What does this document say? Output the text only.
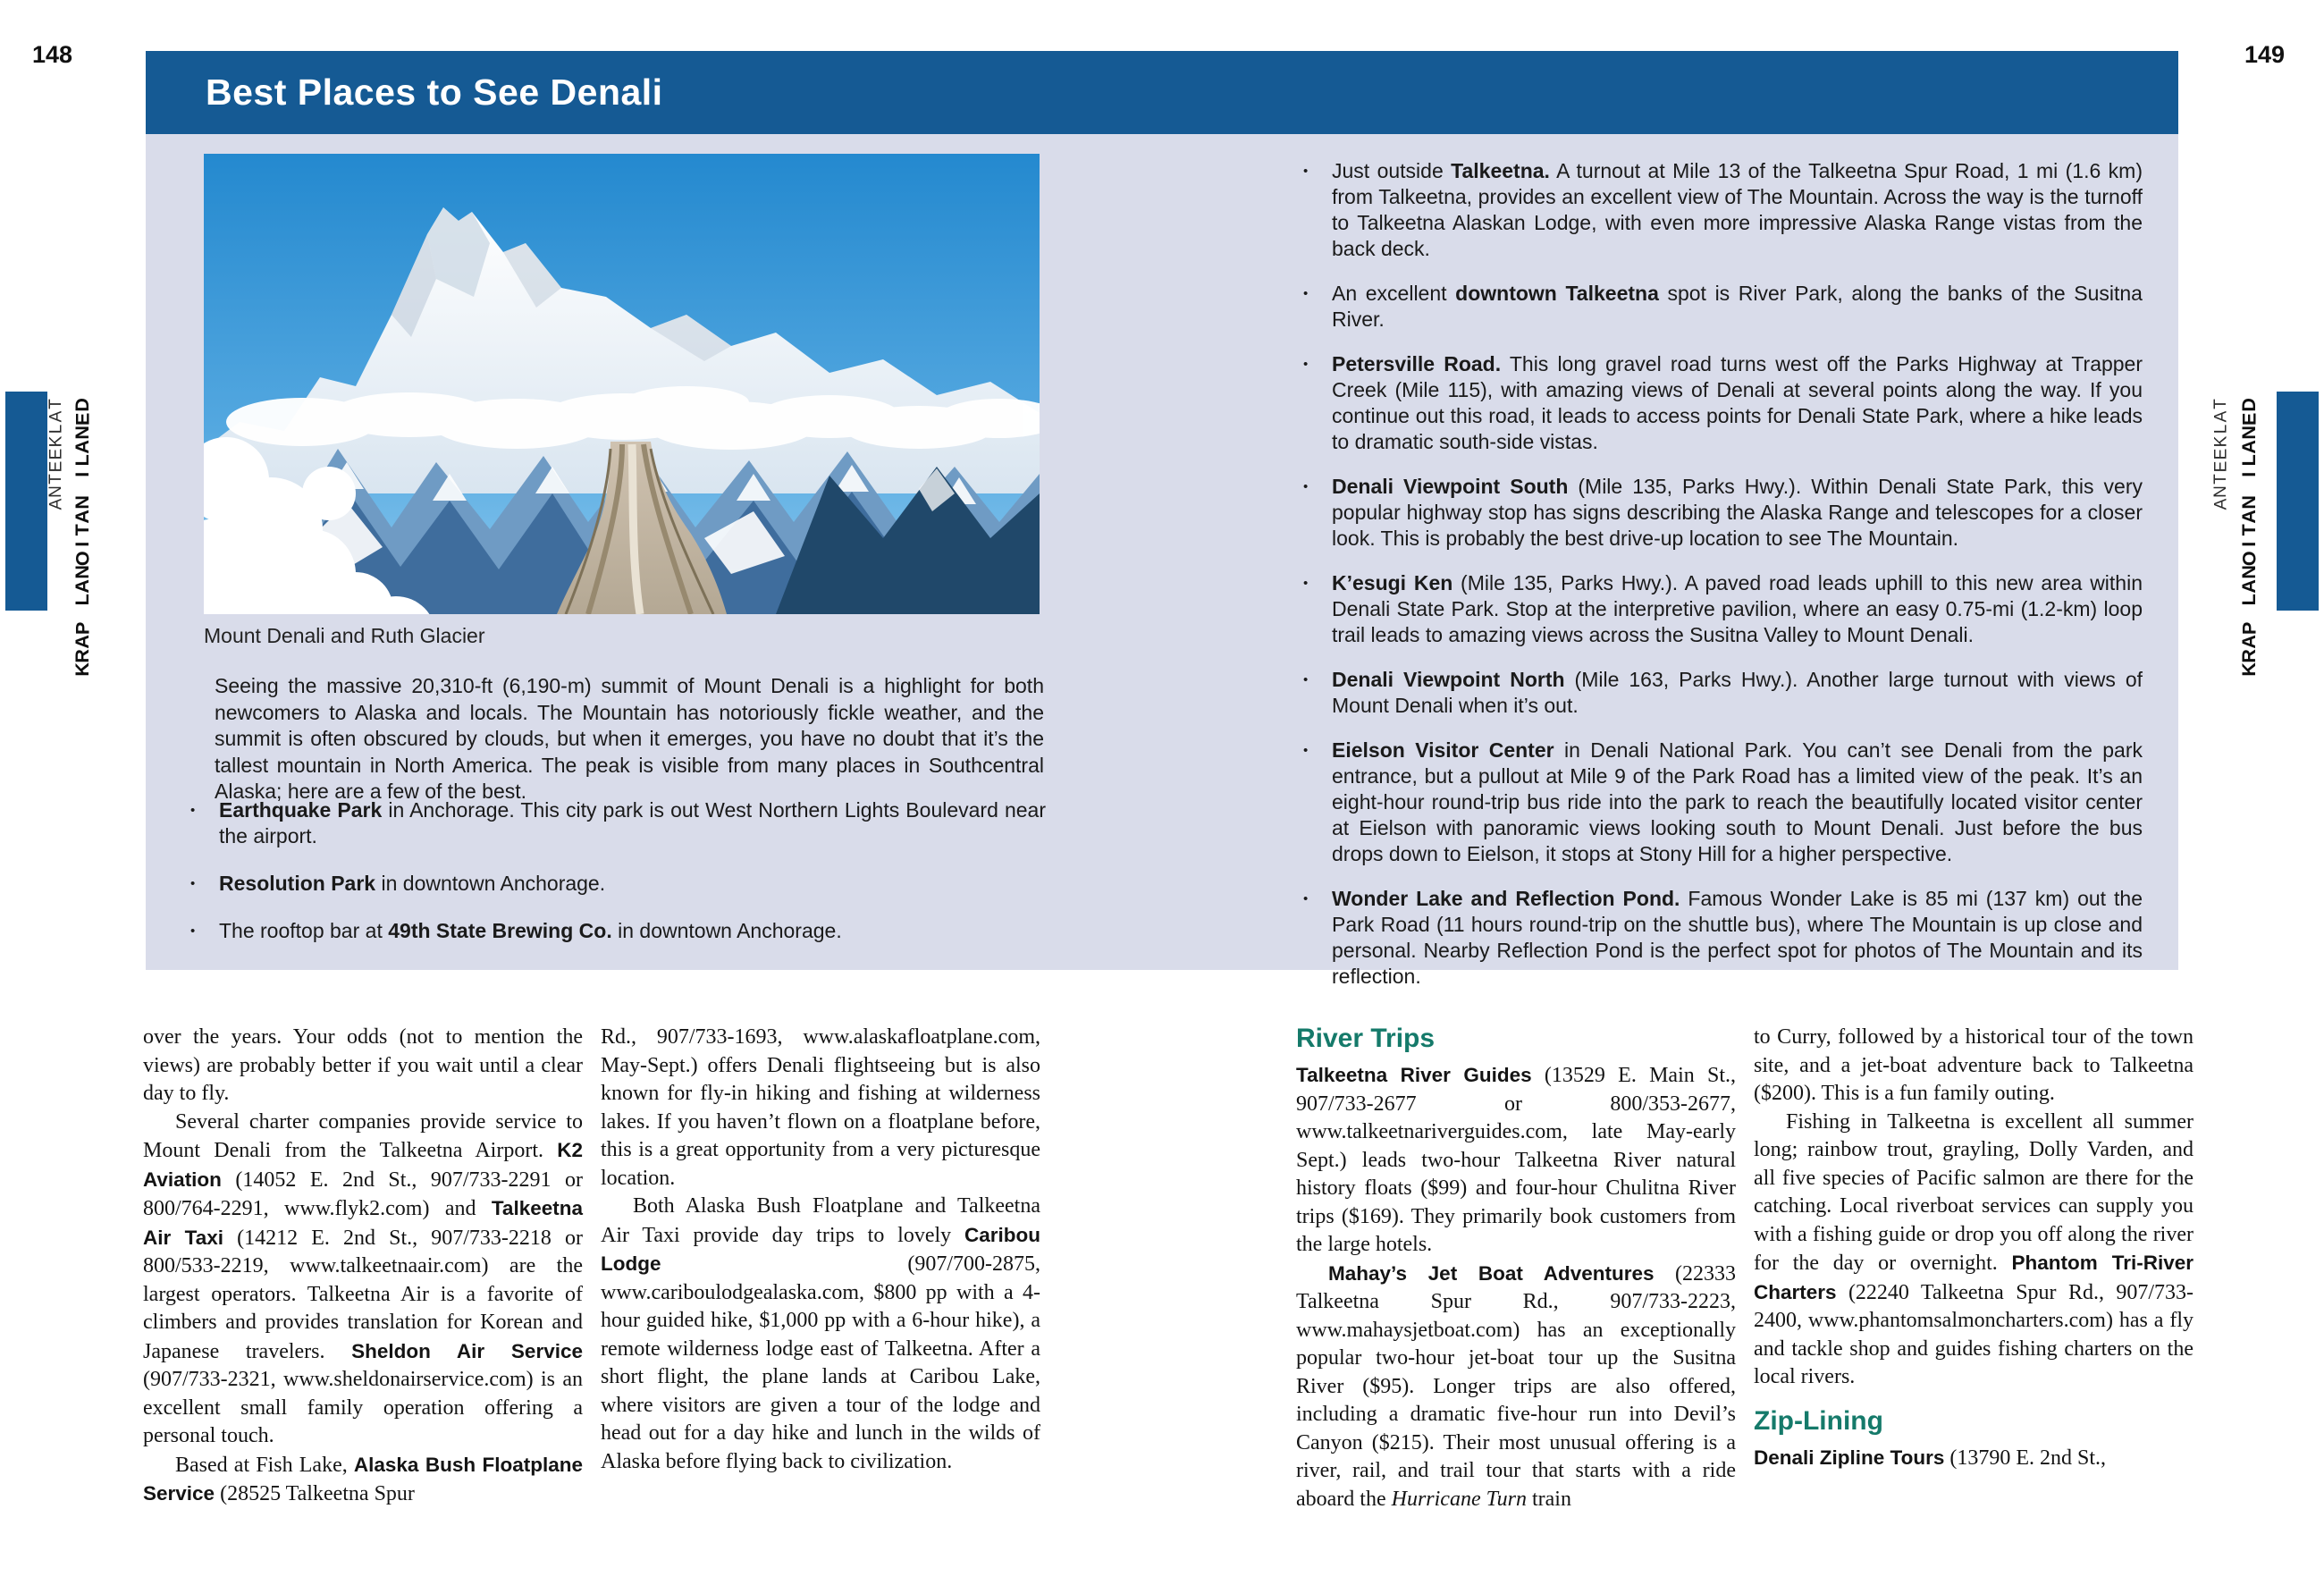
148	149
Best Places to See Denali
Mount Denali and Ruth Glacier
Seeing the massive 20,310-ft (6,190-m) summit of Mount Denali is a highlight for both newcomers to Alaska and locals. The Mountain has notoriously fickle weather, and the summit is often obscured by clouds, but when it emerges, you have no doubt that it’s the tallest mountain in North America. The peak is visible from many places in Southcentral Alaska; here are a few of the best.
•	Earthquake Park in Anchorage. This city park is out West Northern Lights Boulevard near the airport.
•	Resolution Park in downtown Anchorage.
•	The rooftop bar at 49th State Brewing Co. in downtown Anchorage.
•	Just outside Talkeetna. A turnout at Mile 13 of the Talkeetna Spur Road, 1 mi (1.6 km) from Talkeetna, provides an excellent view of The Mountain. Across the way is the turnoff to Talkeetna Alaskan Lodge, with even more impressive Alaska Range vistas from the back deck.
•	An excellent downtown Talkeetna spot is River Park, along the banks of the Susitna River.
•	Petersville Road. This long gravel road turns west off the Parks Highway at Trapper Creek (Mile 115), with amazing views of Denali at several points along the way. If you continue out this road, it leads to access points for Denali State Park, where a hike leads to dramatic south-side vistas.
•	Denali Viewpoint South (Mile 135, Parks Hwy.). Within Denali State Park, this very popular highway stop has signs describing the Alaska Range and telescopes for a closer look. This is probably the best drive-up location to see The Mountain.
•	K’esugi Ken (Mile 135, Parks Hwy.). A paved road leads uphill to this new area within Denali State Park. Stop at the interpretive pavilion, where an easy 0.75-mi (1.2-km) loop trail leads to amazing views across the Susitna Valley to Mount Denali.
•	Denali Viewpoint North (Mile 163, Parks Hwy.). Another large turnout with views of Mount Denali when it’s out.
•	Eielson Visitor Center in Denali National Park. You can’t see Denali from the park entrance, but a pullout at Mile 9 of the Park Road has a limited view of the peak. It’s an eight-hour round-trip bus ride into the park to reach the beautifully located visitor center at Eielson with panoramic views looking south to Mount Denali. Just before the bus drops down to Eielson, it stops at Stony Hill for a higher perspective.
•	Wonder Lake and Reflection Pond. Famous Wonder Lake is 85 mi (137 km) out the Park Road (11 hours round-trip on the shuttle bus), where The Mountain is up close and personal. Nearby Reflection Pond is the perfect spot for photos of The Mountain and its reflection.

over the years. Your odds (not to mention the views) are probably better if you wait until a clear day to fly.

Several charter companies provide service to Mount Denali from the Talkeetna Airport. K2 Aviation (14052 E. 2nd St., 907/733-2291 or 800/764-2291, www.flyk2.com) and Talkeetna Air Taxi (14212 E. 2nd St., 907/733-2218 or 800/533-2219, www.talkeetnaair.com) are the largest operators. Talkeetna Air is a favorite of climbers and provides translation for Korean and Japanese travelers. Sheldon Air Service (907/733-2321, www.sheldonairservice.com) is an excellent small family operation offering a personal touch.

Based at Fish Lake, Alaska Bush Floatplane Service (28525 Talkeetna Spur

Rd., 907/733-1693, www.alaskafloatplane.com, May-Sept.) offers Denali flightseeing but is also known for fly-in hiking and fishing at wilderness lakes. If you haven’t flown on a floatplane before, this is a great opportunity from a very picturesque location.

Both Alaska Bush Floatplane and Talkeetna Air Taxi provide day trips to lovely Caribou Lodge (907/700-2875, www.cariboulodgealaska.com, $800 pp with a 4-hour guided hike, $1,000 pp with a 6-hour hike), a remote wilderness lodge east of Talkeetna. After a short flight, the plane lands at Caribou Lake, where visitors are given a tour of the lodge and head out for a day hike and lunch in the wilds of Alaska before flying back to civilization.

River Trips

Talkeetna River Guides (13529 E. Main St., 907/733-2677 or 800/353-2677, www.talkeetnariverguides.com, late May-early Sept.) leads two-hour Talkeetna River natural history floats ($99) and four-hour Chulitna River trips ($169). They primarily book customers from the large hotels.

Mahay’s Jet Boat Adventures (22333 Talkeetna Spur Rd., 907/733-2223, www.mahaysjetboat.com) has an exceptionally popular two-hour jet-boat tour up the Susitna River ($95). Longer trips are also offered, including a dramatic five-hour run into Devil’s Canyon ($215). Their most unusual offering is a river, rail, and trail tour that starts with a ride aboard the Hurricane Turn train

to Curry, followed by a historical tour of the town site, and a jet-boat adventure back to Talkeetna ($200). This is a fun family outing.

Fishing in Talkeetna is excellent all summer long; rainbow trout, grayling, Dolly Varden, and all five species of Pacific salmon are there for the catching. Local riverboat services can supply you with a fishing guide or drop you off along the river for the day or overnight. Phantom Tri-River Charters (22240 Talkeetna Spur Rd., 907/733-2400, www.phantomsalmoncharters.com) has a fly and tackle shop and guides fishing charters on the local rivers.

Zip-Lining

Denali Zipline Tours (13790 E. 2nd St.,

T
A
L
K
E
E
T
N
A
D
E
N
A
L
I
N
A
T
I
O
N
A
L
P
A
R
K
T
A
L
K
E
E
T
N
A
D
E
N
A
L
I
N
A
T
I
O
N
A
L
P
A
R
K
